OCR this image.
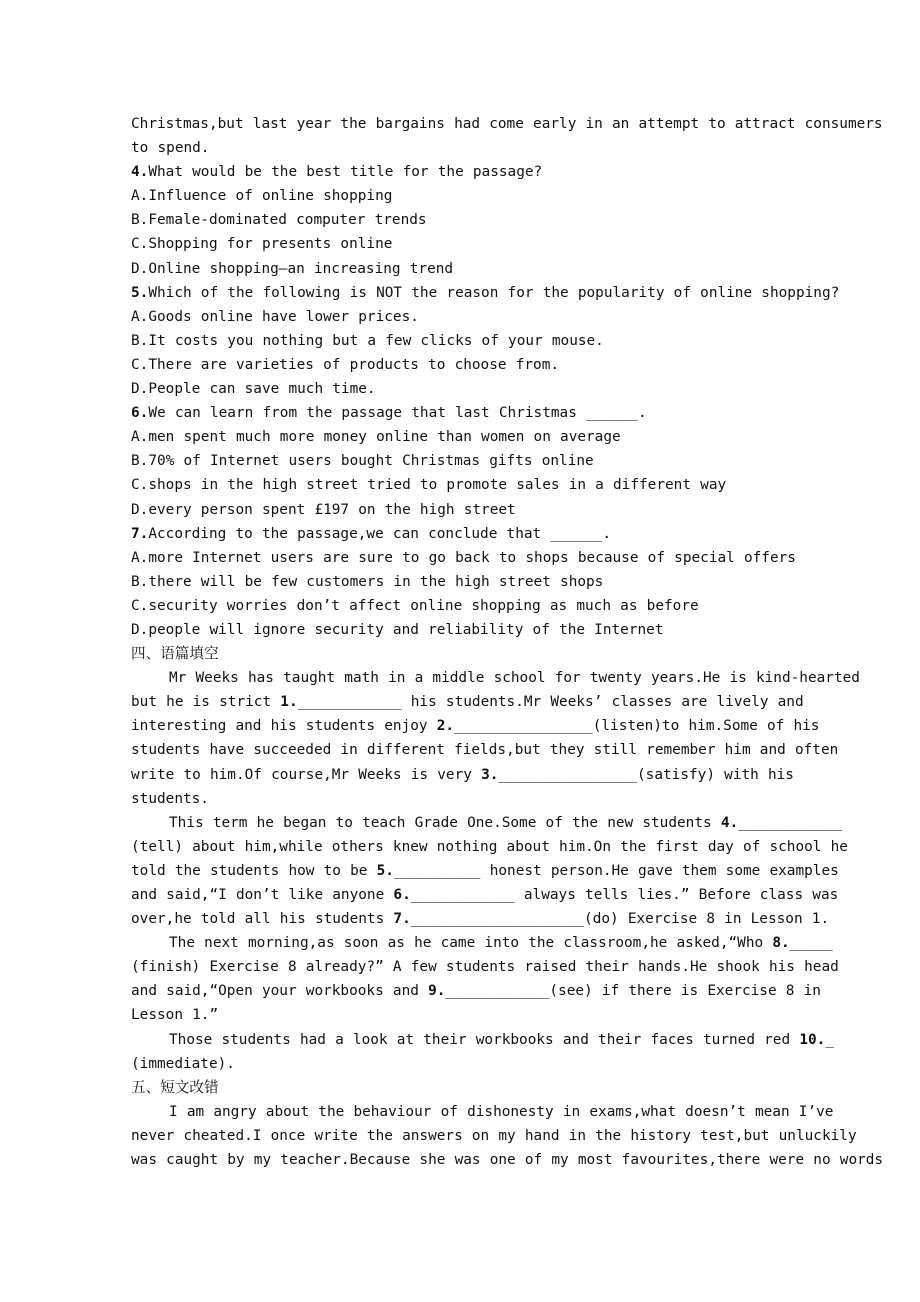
Christmas,but last year the bargains had come early in an attempt to attract consumers
to spend.
4.What would be the best title for the passage?
A.Influence of online shopping
B.Female-dominated computer trends
C.Shopping for presents online
D.Online shopping—an increasing trend
5.Which of the following is NOT the reason for the popularity of online shopping?
A.Goods online have lower prices.
B.It costs you nothing but a few clicks of your mouse.
C.There are varieties of products to choose from.
D.People can save much time.
6.We can learn from the passage that last Christmas ______.
A.men spent much more money online than women on average
B.70% of Internet users bought Christmas gifts online
C.shops in the high street tried to promote sales in a different way
D.every person spent £197 on the high street
7.According to the passage,we can conclude that ______.
A.more Internet users are sure to go back to shops because of special offers
B.there will be few customers in the high street shops
C.security worries don’t affect online shopping as much as before
D.people will ignore security and reliability of the Internet
四、语篇填空
Mr Weeks has taught math in a middle school for twenty years.He is kind-hearted
but he is strict 1.____________ his students.Mr Weeks’ classes are lively and
interesting and his students enjoy 2.________________(listen)to him.Some of his
students have succeeded in different fields,but they still remember him and often
write to him.Of course,Mr Weeks is very 3.________________(satisfy) with his
students.
This term he began to teach Grade One.Some of the new students 4.____________
(tell) about him,while others knew nothing about him.On the first day of school he
told the students how to be 5.__________ honest person.He gave them some examples
and said,“I don’t like anyone 6.____________ always tells lies.” Before class was
over,he told all his students 7.____________________(do) Exercise 8 in Lesson 1.
The next morning,as soon as he came into the classroom,he asked,“Who 8._____
(finish) Exercise 8 already?” A few students raised their hands.He shook his head
and said,“Open your workbooks and 9.____________(see) if there is Exercise 8 in
Lesson 1.”
Those students had a look at their workbooks and their faces turned red 10._
(immediate).
五、短文改错
I am angry about the behaviour of dishonesty in exams,what doesn’t mean I’ve
never cheated.I once write the answers on my hand in the history test,but unluckily
was caught by my teacher.Because she was one of my most favourites,there were no words
